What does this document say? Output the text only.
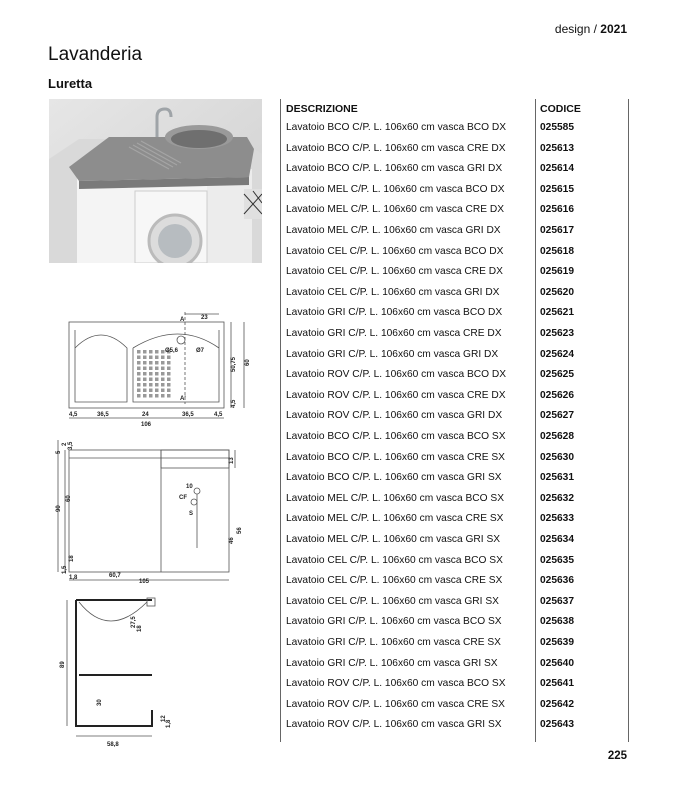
design / 2021
Lavanderia
Luretta
A
A'
23
Ø5,6	Ø7
50,75 60
4,5
4,5	36,5	24	36,5	4,5
106
5
2 3,5
13
10
CF
S
90
60
46
56
1,5
18
1,8	60,7
105
27,5
18
89
30
12
1,8
58,8
DESCRIZIONE	CODICE
Lavatoio BCO C/P. L. 106x60 cm vasca BCO DX	025585
Lavatoio BCO C/P. L. 106x60 cm vasca CRE DX	025613
Lavatoio BCO C/P. L. 106x60 cm vasca GRI DX	025614
Lavatoio MEL C/P. L. 106x60 cm vasca BCO DX	025615
Lavatoio MEL C/P. L. 106x60 cm vasca CRE DX	025616
Lavatoio MEL C/P. L. 106x60 cm vasca GRI DX	025617
Lavatoio CEL C/P. L. 106x60 cm vasca BCO DX	025618
Lavatoio CEL C/P. L. 106x60 cm vasca CRE DX	025619
Lavatoio CEL C/P. L. 106x60 cm vasca GRI DX	025620
Lavatoio GRI C/P. L. 106x60 cm vasca BCO DX	025621
Lavatoio GRI C/P. L. 106x60 cm vasca CRE DX	025623
Lavatoio GRI C/P. L. 106x60 cm vasca GRI DX	025624
Lavatoio ROV C/P. L. 106x60 cm vasca BCO DX	025625
Lavatoio ROV C/P. L. 106x60 cm vasca CRE DX	025626
Lavatoio ROV C/P. L. 106x60 cm vasca GRI DX	025627
Lavatoio BCO C/P. L. 106x60 cm vasca BCO SX	025628
Lavatoio BCO C/P. L. 106x60 cm vasca CRE SX	025630
Lavatoio BCO C/P. L. 106x60 cm vasca GRI SX	025631
Lavatoio MEL C/P. L. 106x60 cm vasca BCO SX	025632
Lavatoio MEL C/P. L. 106x60 cm vasca CRE SX	025633
Lavatoio MEL C/P. L. 106x60 cm vasca GRI SX	025634
Lavatoio CEL C/P. L. 106x60 cm vasca BCO SX	025635
Lavatoio CEL C/P. L. 106x60 cm vasca CRE SX	025636
Lavatoio CEL C/P. L. 106x60 cm vasca GRI SX	025637
Lavatoio GRI C/P. L. 106x60 cm vasca BCO SX	025638
Lavatoio GRI C/P. L. 106x60 cm vasca CRE SX	025639
Lavatoio GRI C/P. L. 106x60 cm vasca GRI SX	025640
Lavatoio ROV C/P. L. 106x60 cm vasca BCO SX	025641
Lavatoio ROV C/P. L. 106x60 cm vasca CRE SX	025642
Lavatoio ROV C/P. L. 106x60 cm vasca GRI SX	025643
225
